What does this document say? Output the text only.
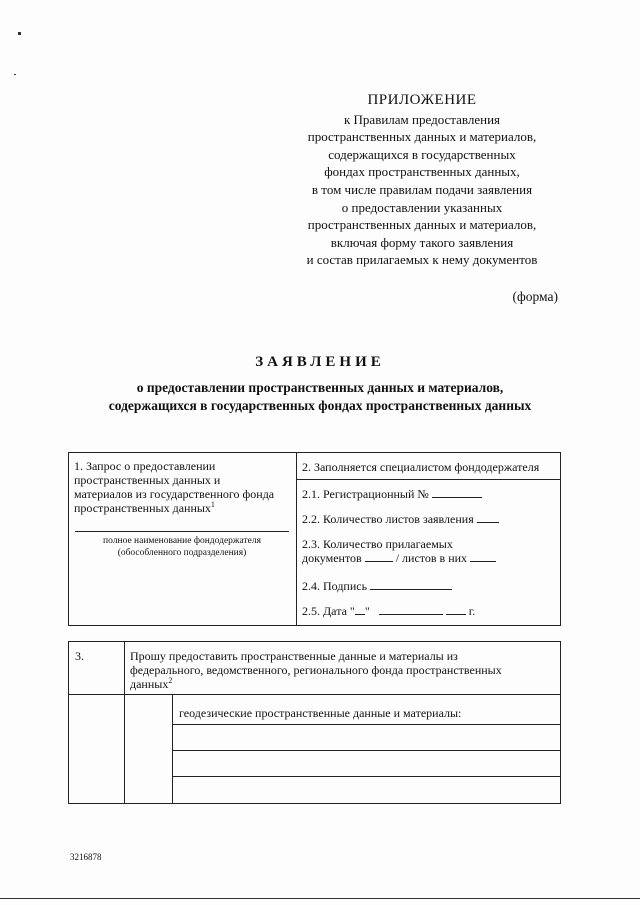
ПРИЛОЖЕНИЕ
к Правилам предоставления
пространственных данных и материалов,
содержащихся в государственных
фондах пространственных данных,
в том числе правилам подачи заявления
о предоставлении указанных
пространственных данных и материалов,
включая форму такого заявления
и состав прилагаемых к нему документов
(форма)
ЗАЯВЛЕНИЕ
о предоставлении пространственных данных и материалов,
содержащихся в государственных фондах пространственных данных
1. Запрос о предоставлении
пространственных данных и
материалов из государственного фонда
пространственных данных$^1$
полное наименование фондодержателя
(обособленного подразделения)
2. Заполняется специалистом фондодержателя
2.1. Регистрационный №
2.2. Количество листов заявления
2.3. Количество прилагаемых
документов	/ листов в них
2.4. Подпись
2.5. Дата " "	г.
3.	Прошу предоставить пространственные данные и материалы из
федерального, ведомственного, регионального фонда пространственных
данных$^2$
геодезические пространственные данные и материалы:
3216878
